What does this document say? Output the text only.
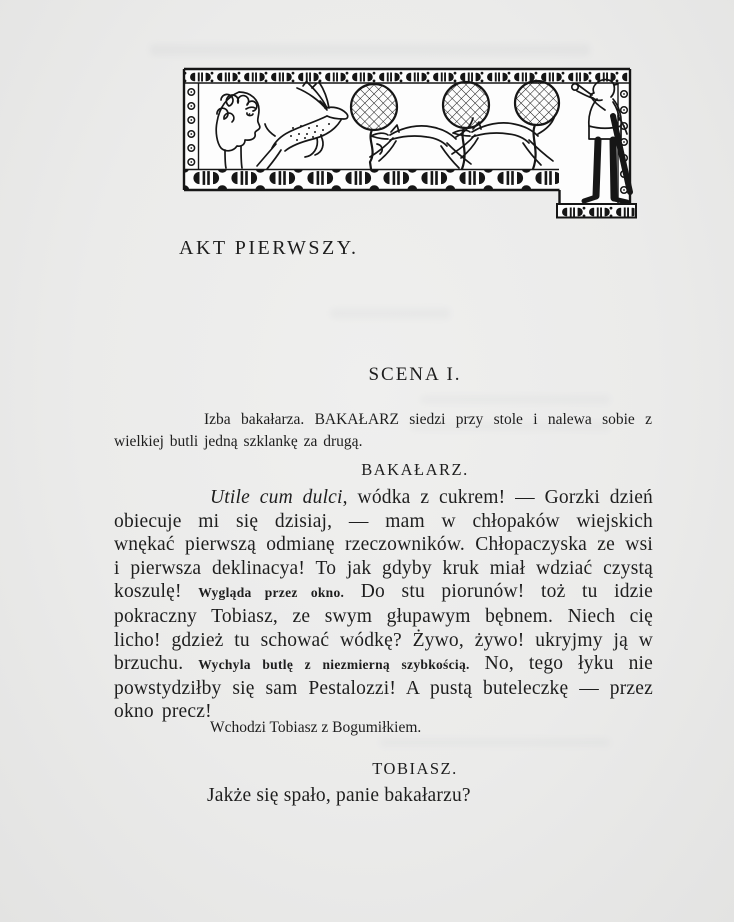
AKT PIERWSZY.
SCENA I.
Izba bakałarza. BAKAŁARZ siedzi przy stole i nalewa sobie z wielkiej butli jedną szklankę za drugą.
BAKAŁARZ.
Utile cum dulci, wódka z cukrem! — Gorzki dzień obiecuje mi się dzisiaj, — mam w chłopaków wiejskich wnękać pierwszą odmianę rzeczowników. Chłopaczyska ze wsi i pierwsza deklinacya! To jak gdyby kruk miał wdziać czystą koszulę! Wygląda przez okno. Do stu piorunów! toż tu idzie pokraczny Tobiasz, ze swym głupawym bębnem. Niech cię licho! gdzież tu schować wódkę? Żywo, żywo! ukryjmy ją w brzuchu. Wychyla butlę z niezmierną szybkością. No, tego łyku nie powstydziłby się sam Pestalozzi! A pustą buteleczkę — przez okno precz!
Wchodzi Tobiasz z Bogumiłkiem.
TOBIASZ.
Jakże się spało, panie bakałarzu?
